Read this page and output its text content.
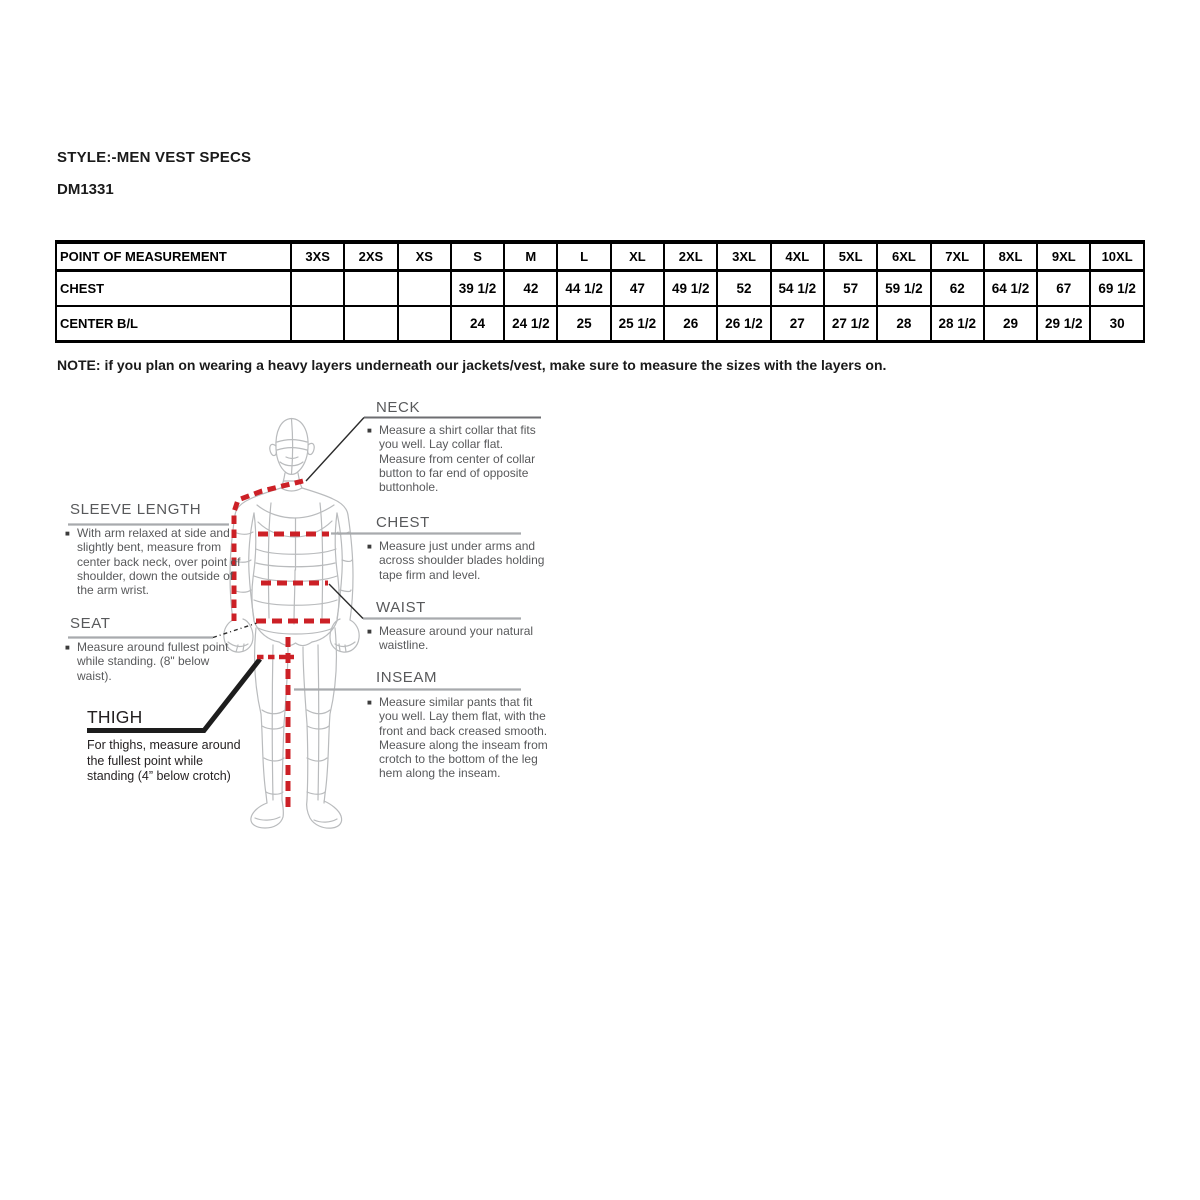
STYLE:-MEN VEST SPECS
DM1331
POINT OF MEASUREMENT	3XS	2XS	XS	S	M	L	XL	2XL	3XL	4XL	5XL	6XL	7XL	8XL	9XL	10XL
CHEST				39 1/2	42	44 1/2	47	49 1/2	52	54 1/2	57	59 1/2	62	64 1/2	67	69 1/2
CENTER B/L				24	24 1/2	25	25 1/2	26	26 1/2	27	27 1/2	28	28 1/2	29	29 1/2	30
NOTE: if you plan on wearing a heavy layers underneath our jackets/vest, make sure to measure the sizes with the layers on.
NECK
■ Measure a shirt collar that fits you well. Lay collar flat. Measure from center of collar button to far end of opposite buttonhole.
CHEST
■ Measure just under arms and across shoulder blades holding tape firm and level.
WAIST
■ Measure around your natural waistline.
INSEAM
■ Measure similar pants that fit you well. Lay them flat, with the front and back creased smooth. Measure along the inseam from crotch to the bottom of the leg hem along the inseam.
SLEEVE LENGTH
■ With arm relaxed at side and slightly bent, measure from center back neck, over point of shoulder, down the outside of the arm wrist.
SEAT
■ Measure around fullest point while standing. (8" below waist).
THIGH
For thighs, measure around the fullest point while standing (4” below crotch)
